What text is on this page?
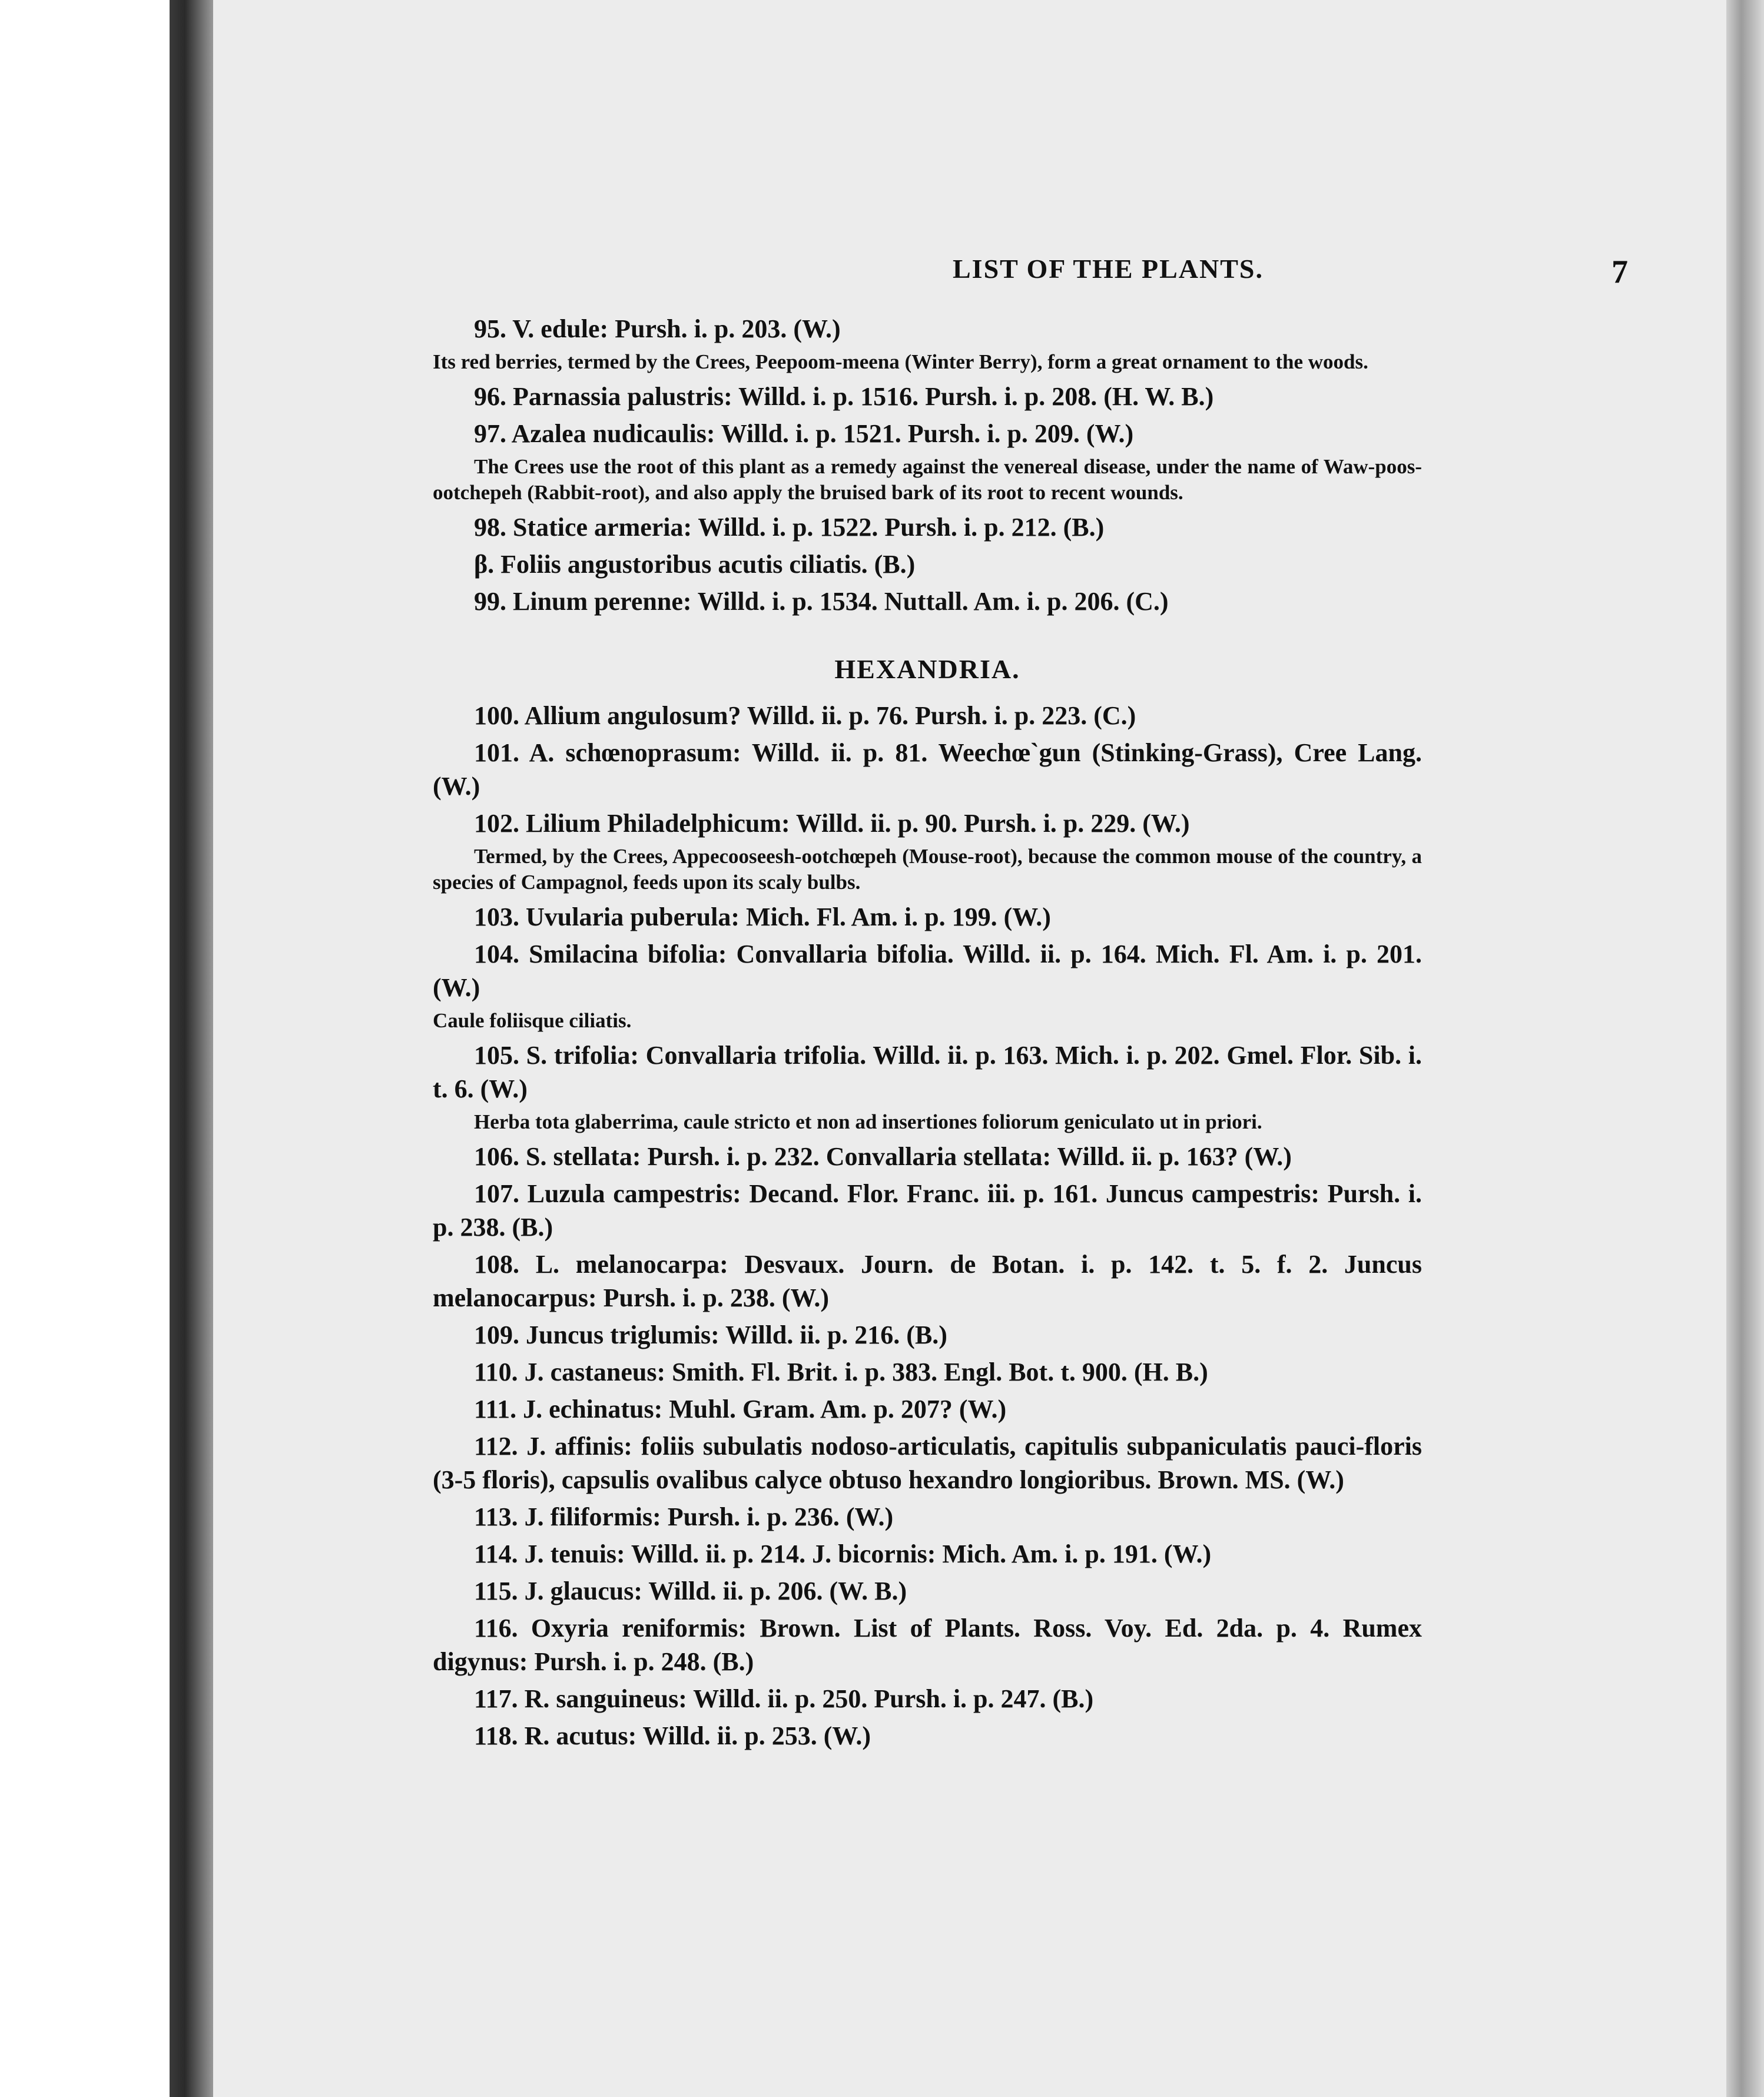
LIST OF THE PLANTS.	7

95. V. edule: Pursh. i. p. 203. (W.)

Its red berries, termed by the Crees, Peepoom-meena (Winter Berry), form a great ornament to the woods.

96. Parnassia palustris: Willd. i. p. 1516. Pursh. i. p. 208. (H. W. B.)

97. Azalea nudicaulis: Willd. i. p. 1521. Pursh. i. p. 209. (W.)

The Crees use the root of this plant as a remedy against the venereal disease, under the name of Waw-poos-ootchepeh (Rabbit-root), and also apply the bruised bark of its root to recent wounds.

98. Statice armeria: Willd. i. p. 1522. Pursh. i. p. 212. (B.)

β. Foliis angustoribus acutis ciliatis. (B.)

99. Linum perenne: Willd. i. p. 1534. Nuttall. Am. i. p. 206. (C.)

HEXANDRIA.

100. Allium angulosum? Willd. ii. p. 76. Pursh. i. p. 223. (C.)

101. A. schœnoprasum: Willd. ii. p. 81. Weechœ`gun (Stinking-Grass), Cree Lang. (W.)

102. Lilium Philadelphicum: Willd. ii. p. 90. Pursh. i. p. 229. (W.)

Termed, by the Crees, Appecooseesh-ootchœpeh (Mouse-root), because the common mouse of the country, a species of Campagnol, feeds upon its scaly bulbs.

103. Uvularia puberula: Mich. Fl. Am. i. p. 199. (W.)

104. Smilacina bifolia: Convallaria bifolia. Willd. ii. p. 164. Mich. Fl. Am. i. p. 201. (W.)

Caule foliisque ciliatis.

105. S. trifolia: Convallaria trifolia. Willd. ii. p. 163. Mich. i. p. 202. Gmel. Flor. Sib. i. t. 6. (W.)

Herba tota glaberrima, caule stricto et non ad insertiones foliorum geniculato ut in priori.

106. S. stellata: Pursh. i. p. 232. Convallaria stellata: Willd. ii. p. 163? (W.)

107. Luzula campestris: Decand. Flor. Franc. iii. p. 161. Juncus campestris: Pursh. i. p. 238. (B.)

108. L. melanocarpa: Desvaux. Journ. de Botan. i. p. 142. t. 5. f. 2. Juncus melanocarpus: Pursh. i. p. 238. (W.)

109. Juncus triglumis: Willd. ii. p. 216. (B.)

110. J. castaneus: Smith. Fl. Brit. i. p. 383. Engl. Bot. t. 900. (H. B.)

111. J. echinatus: Muhl. Gram. Am. p. 207? (W.)

112. J. affinis: foliis subulatis nodoso-articulatis, capitulis subpaniculatis pauci-floris (3-5 floris), capsulis ovalibus calyce obtuso hexandro longioribus. Brown. MS. (W.)

113. J. filiformis: Pursh. i. p. 236. (W.)

114. J. tenuis: Willd. ii. p. 214. J. bicornis: Mich. Am. i. p. 191. (W.)

115. J. glaucus: Willd. ii. p. 206. (W. B.)

116. Oxyria reniformis: Brown. List of Plants. Ross. Voy. Ed. 2da. p. 4. Rumex digynus: Pursh. i. p. 248. (B.)

117. R. sanguineus: Willd. ii. p. 250. Pursh. i. p. 247. (B.)

118. R. acutus: Willd. ii. p. 253. (W.)
